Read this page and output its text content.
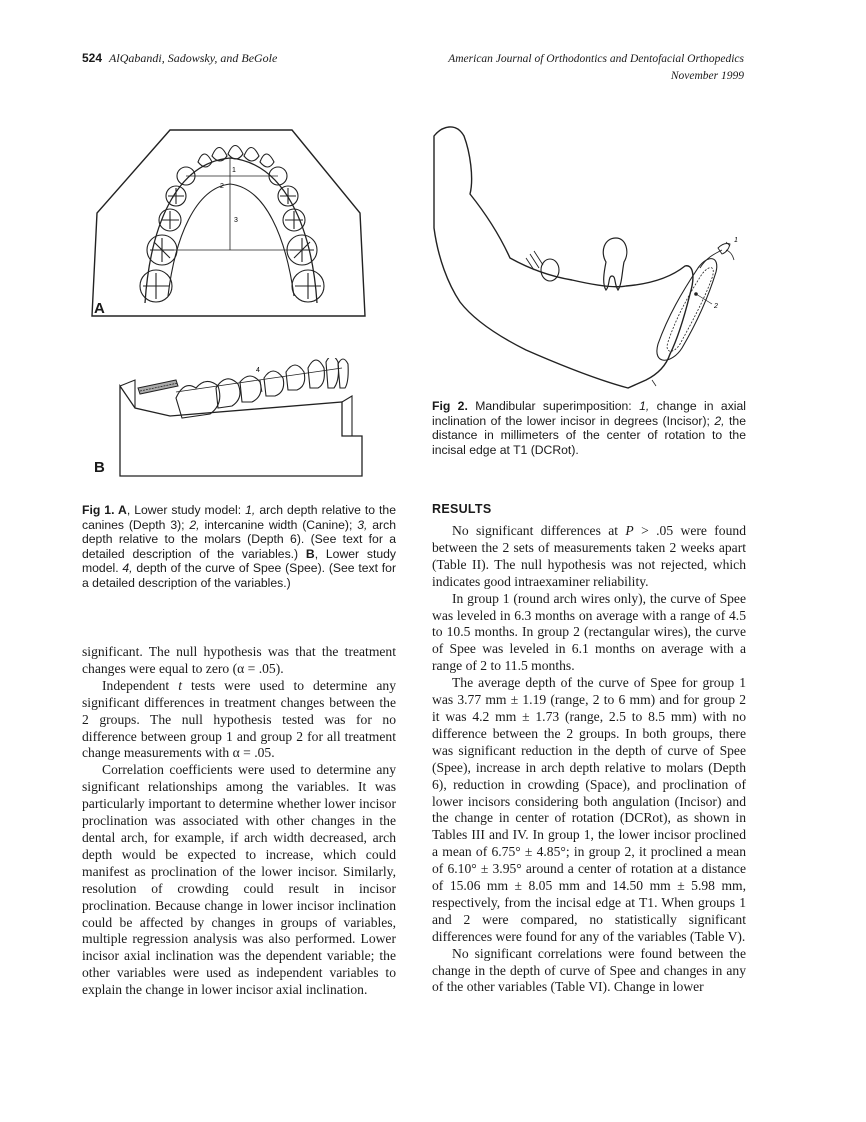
524 AlQabandi, Sadowsky, and BeGole	American Journal of Orthodontics and Dentofacial Orthopedics
November 1999
1
2
3
A
4
B
1
2
Fig 1. A, Lower study model: 1, arch depth relative to the canines (Depth 3); 2, intercanine width (Canine); 3, arch depth relative to the molars (Depth 6). (See text for a detailed description of the variables.) B, Lower study model. 4, depth of the curve of Spee (Spee). (See text for a detailed description of the variables.)
Fig 2. Mandibular superimposition: 1, change in axial inclination of the lower incisor in degrees (Incisor); 2, the distance in millimeters of the center of rotation to the incisal edge at T1 (DCRot).

significant. The null hypothesis was that the treatment changes were equal to zero (α = .05).

Independent t tests were used to determine any significant differences in treatment changes between the 2 groups. The null hypothesis tested was for no difference between group 1 and group 2 for all treatment change measurements with α = .05.

Correlation coefficients were used to determine any significant relationships among the variables. It was particularly important to determine whether lower incisor proclination was associated with other changes in the dental arch, for example, if arch width decreased, arch depth would be expected to increase, which could manifest as proclination of the lower incisor. Similarly, resolution of crowding could result in incisor proclination. Because change in lower incisor inclination could be affected by changes in groups of variables, multiple regression analysis was also performed. Lower incisor axial inclination was the dependent variable; the other variables were used as independent variables to explain the change in lower incisor axial inclination.

RESULTS

No significant differences at P > .05 were found between the 2 sets of measurements taken 2 weeks apart (Table II). The null hypothesis was not rejected, which indicates good intraexaminer reliability.

In group 1 (round arch wires only), the curve of Spee was leveled in 6.3 months on average with a range of 4.5 to 10.5 months. In group 2 (rectangular wires), the curve of Spee was leveled in 6.1 months on average with a range of 2 to 11.5 months.

The average depth of the curve of Spee for group 1 was 3.77 mm ± 1.19 (range, 2 to 6 mm) and for group 2 it was 4.2 mm ± 1.73 (range, 2.5 to 8.5 mm) with no difference between the 2 groups. In both groups, there was significant reduction in the depth of curve of Spee (Spee), increase in arch depth relative to molars (Depth 6), reduction in crowding (Space), and proclination of lower incisors considering both angulation (Incisor) and the change in center of rotation (DCRot), as shown in Tables III and IV. In group 1, the lower incisor proclined a mean of 6.75° ± 4.85°; in group 2, it proclined a mean of 6.10° ± 3.95° around a center of rotation at a distance of 15.06 mm ± 8.05 mm and 14.50 mm ± 5.98 mm, respectively, from the incisal edge at T1. When groups 1 and 2 were compared, no statistically significant differences were found for any of the variables (Table V).

No significant correlations were found between the change in the depth of curve of Spee and changes in any of the other variables (Table VI). Change in lower
